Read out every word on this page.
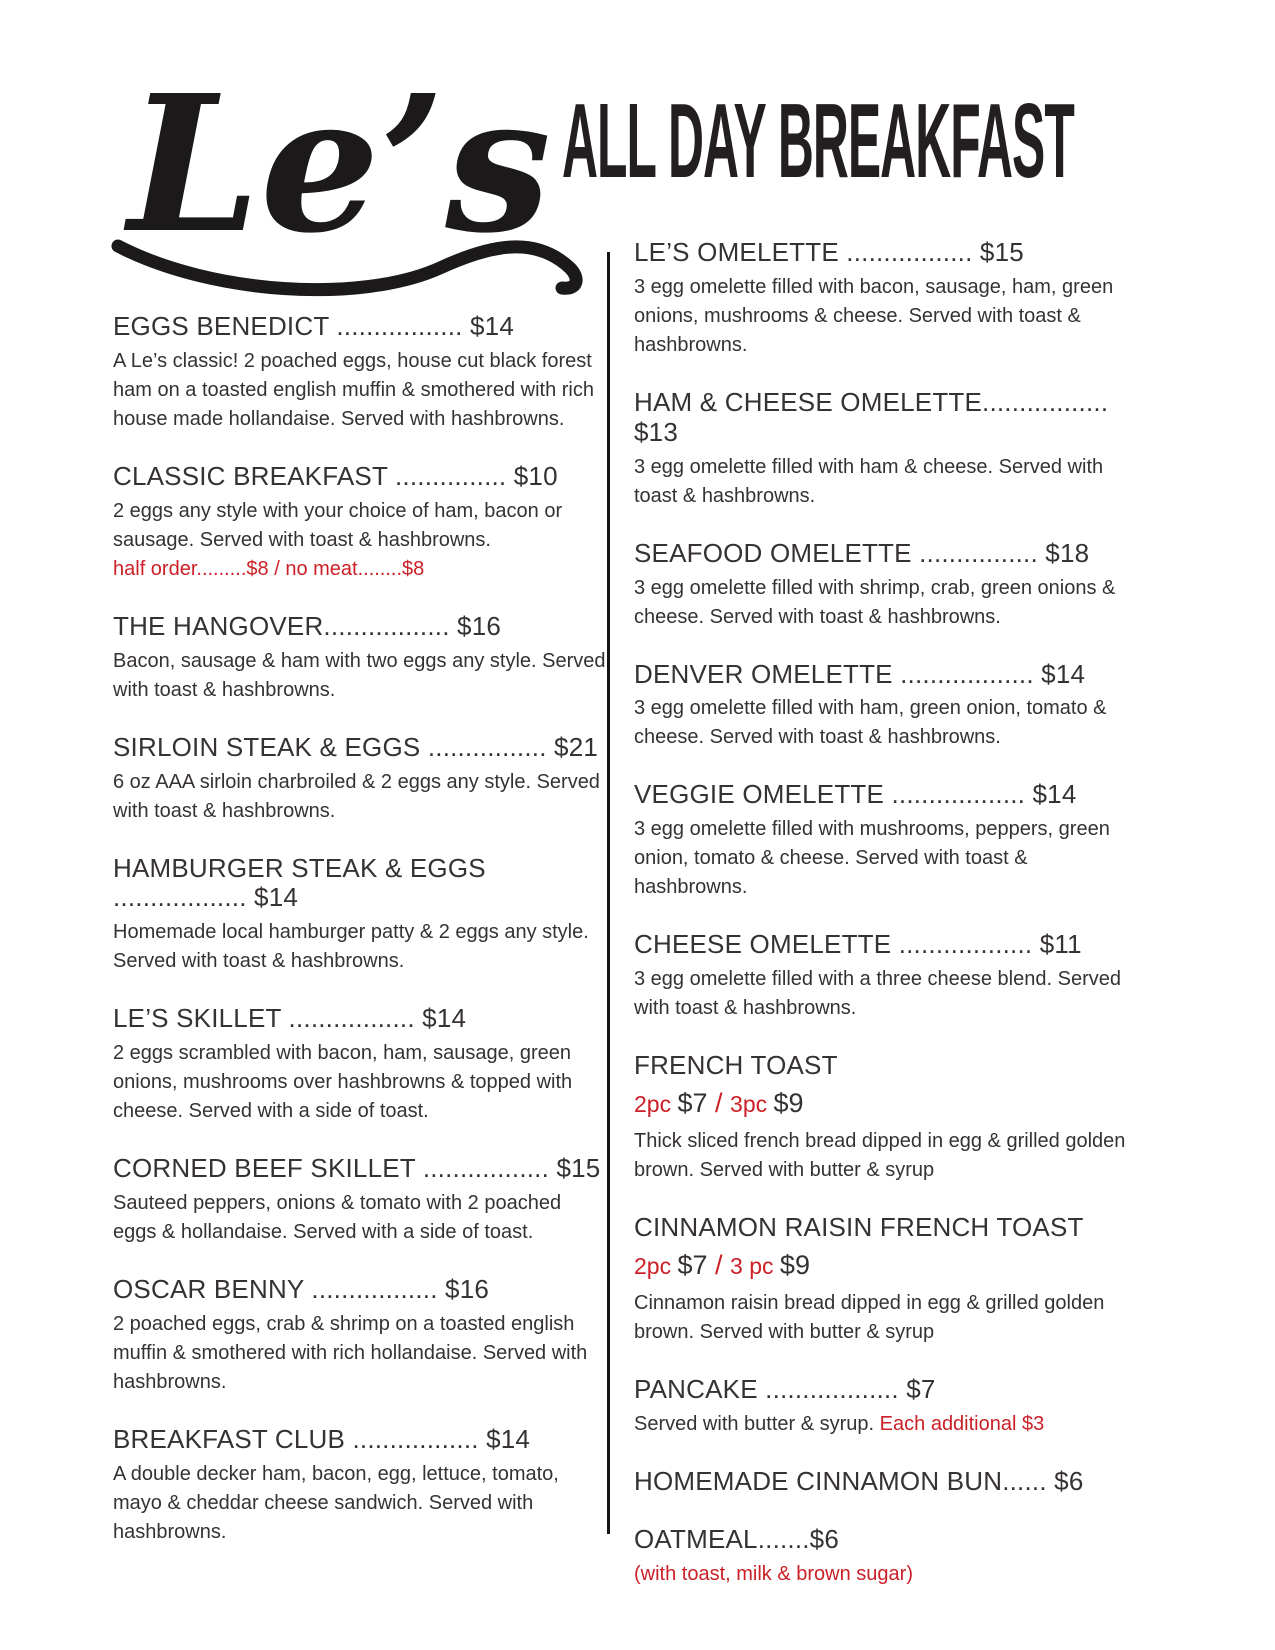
Le’s ALL DAY BREAKFAST
EGGS BENEDICT ................. $14

A Le’s classic! 2 poached eggs, house cut black forest ham on a toasted english muffin & smothered with rich house made hollandaise. Served with hashbrowns.

CLASSIC BREAKFAST ............... $10

2 eggs any style with your choice of ham, bacon or sausage. Served with toast & hashbrowns.

half order.........$8 / no meat........$8

THE HANGOVER................. $16

Bacon, sausage & ham with two eggs any style. Served with toast & hashbrowns.

SIRLOIN STEAK & EGGS ................ $21

6 oz AAA sirloin charbroiled & 2 eggs any style. Served with toast & hashbrowns.

HAMBURGER STEAK & EGGS .................. $14

Homemade local hamburger patty & 2 eggs any style. Served with toast & hashbrowns.

LE’S SKILLET ................. $14

2 eggs scrambled with bacon, ham, sausage, green onions, mushrooms over hashbrowns & topped with cheese. Served with a side of toast.

CORNED BEEF SKILLET ................. $15

Sauteed peppers, onions & tomato with 2 poached eggs & hollandaise. Served with a side of toast.

OSCAR BENNY ................. $16

2 poached eggs, crab & shrimp on a toasted english muffin & smothered with rich hollandaise. Served with hashbrowns.

BREAKFAST CLUB ................. $14

A double decker ham, bacon, egg, lettuce, tomato, mayo & cheddar cheese sandwich. Served with hashbrowns.

LE’S OMELETTE ................. $15

3 egg omelette filled with bacon, sausage, ham, green onions, mushrooms & cheese. Served with toast & hashbrowns.

HAM & CHEESE OMELETTE................. $13

3 egg omelette filled with ham & cheese. Served with toast & hashbrowns.

SEAFOOD OMELETTE ................ $18

3 egg omelette filled with shrimp, crab, green onions & cheese. Served with toast & hashbrowns.

DENVER OMELETTE .................. $14

3 egg omelette filled with ham, green onion, tomato & cheese. Served with toast & hashbrowns.

VEGGIE OMELETTE .................. $14

3 egg omelette filled with mushrooms, peppers, green onion, tomato & cheese. Served with toast & hashbrowns.

CHEESE OMELETTE .................. $11

3 egg omelette filled with a three cheese blend. Served with toast & hashbrowns.

FRENCH TOAST

2pc $7 / 3pc $9

Thick sliced french bread dipped in egg & grilled golden brown. Served with butter & syrup

CINNAMON RAISIN FRENCH TOAST

2pc $7 / 3 pc $9

Cinnamon raisin bread dipped in egg & grilled golden brown. Served with butter & syrup

PANCAKE .................. $7

Served with butter & syrup. Each additional $3

HOMEMADE CINNAMON BUN...... $6
OATMEAL.......$6

(with toast, milk & brown sugar)
